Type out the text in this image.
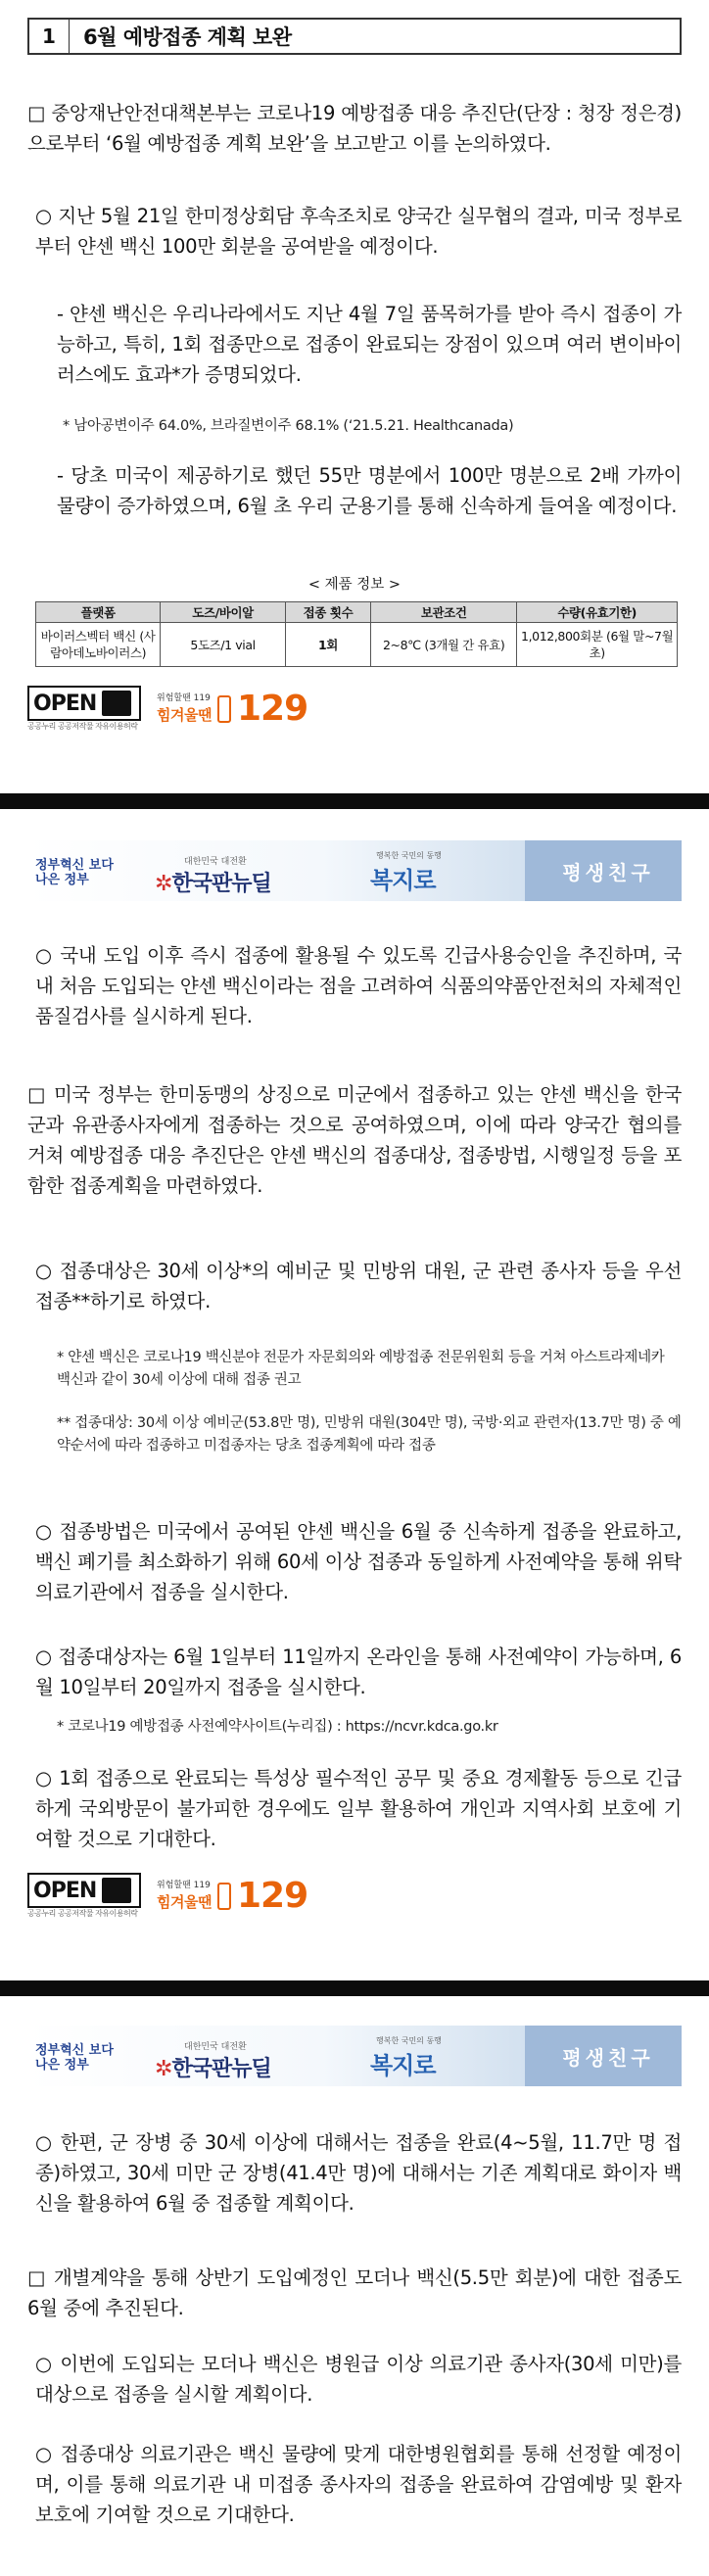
1	6월 예방접종 계획 보완
□ 중앙재난안전대책본부는 코로나19 예방접종 대응 추진단(단장 : 청장 정은경)으로부터 ‘6월 예방접종 계획 보완’을 보고받고 이를 논의하였다.
○ 지난 5월 21일 한미정상회담 후속조치로 양국간 실무협의 결과, 미국 정부로부터 얀센 백신 100만 회분을 공여받을 예정이다.
- 얀센 백신은 우리나라에서도 지난 4월 7일 품목허가를 받아 즉시 접종이 가능하고, 특히, 1회 접종만으로 접종이 완료되는 장점이 있으며 여러 변이바이러스에도 효과*가 증명되었다.
* 남아공변이주 64.0%, 브라질변이주 68.1% (‘21.5.21. Healthcanada)
- 당초 미국이 제공하기로 했던 55만 명분에서 100만 명분으로 2배 가까이 물량이 증가하였으며, 6월 초 우리 군용기를 통해 신속하게 들여올 예정이다.
< 제품 정보 >
플랫폼	도즈/바이알	접종 횟수	보관조건	수량(유효기한)
바이러스벡터 백신 (사람아데노바이러스)	5도즈/1 vial	1회	2~8℃ (3개월 간 유효)	1,012,800회분 (6월 말~7월 초)
OPEN
공공누리 공공저작물 자유이용허락
위험할땐 119
힘겨울땐 129
평생친구
정부혁신 보다 나은 정부
대한민국 대전환
✲한국판뉴딜
행복한 국민의 동행
복지로
○ 국내 도입 이후 즉시 접종에 활용될 수 있도록 긴급사용승인을 추진하며, 국내 처음 도입되는 얀센 백신이라는 점을 고려하여 식품의약품안전처의 자체적인 품질검사를 실시하게 된다.
□ 미국 정부는 한미동맹의 상징으로 미군에서 접종하고 있는 얀센 백신을 한국 군과 유관종사자에게 접종하는 것으로 공여하였으며, 이에 따라 양국간 협의를 거쳐 예방접종 대응 추진단은 얀센 백신의 접종대상, 접종방법, 시행일정 등을 포함한 접종계획을 마련하였다.
○ 접종대상은 30세 이상*의 예비군 및 민방위 대원, 군 관련 종사자 등을 우선 접종**하기로 하였다.
* 얀센 백신은 코로나19 백신분야 전문가 자문회의와 예방접종 전문위원회 등을 거쳐 아스트라제네카 백신과 같이 30세 이상에 대해 접종 권고
** 접종대상: 30세 이상 예비군(53.8만 명), 민방위 대원(304만 명), 국방·외교 관련자(13.7만 명) 중 예약순서에 따라 접종하고 미접종자는 당초 접종계획에 따라 접종
○ 접종방법은 미국에서 공여된 얀센 백신을 6월 중 신속하게 접종을 완료하고, 백신 폐기를 최소화하기 위해 60세 이상 접종과 동일하게 사전예약을 통해 위탁의료기관에서 접종을 실시한다.
○ 접종대상자는 6월 1일부터 11일까지 온라인을 통해 사전예약이 가능하며, 6월 10일부터 20일까지 접종을 실시한다.
* 코로나19 예방접종 사전예약사이트(누리집) : https://ncvr.kdca.go.kr
○ 1회 접종으로 완료되는 특성상 필수적인 공무 및 중요 경제활동 등으로 긴급하게 국외방문이 불가피한 경우에도 일부 활용하여 개인과 지역사회 보호에 기여할 것으로 기대한다.
OPEN
공공누리 공공저작물 자유이용허락
위험할땐 119
힘겨울땐 129
평생친구
정부혁신 보다 나은 정부
대한민국 대전환
✲한국판뉴딜
행복한 국민의 동행
복지로
○ 한편, 군 장병 중 30세 이상에 대해서는 접종을 완료(4~5월, 11.7만 명 접종)하였고, 30세 미만 군 장병(41.4만 명)에 대해서는 기존 계획대로 화이자 백신을 활용하여 6월 중 접종할 계획이다.
□ 개별계약을 통해 상반기 도입예정인 모더나 백신(5.5만 회분)에 대한 접종도 6월 중에 추진된다.
○ 이번에 도입되는 모더나 백신은 병원급 이상 의료기관 종사자(30세 미만)를 대상으로 접종을 실시할 계획이다.
○ 접종대상 의료기관은 백신 물량에 맞게 대한병원협회를 통해 선정할 예정이며, 이를 통해 의료기관 내 미접종 종사자의 접종을 완료하여 감염예방 및 환자 보호에 기여할 것으로 기대한다.
